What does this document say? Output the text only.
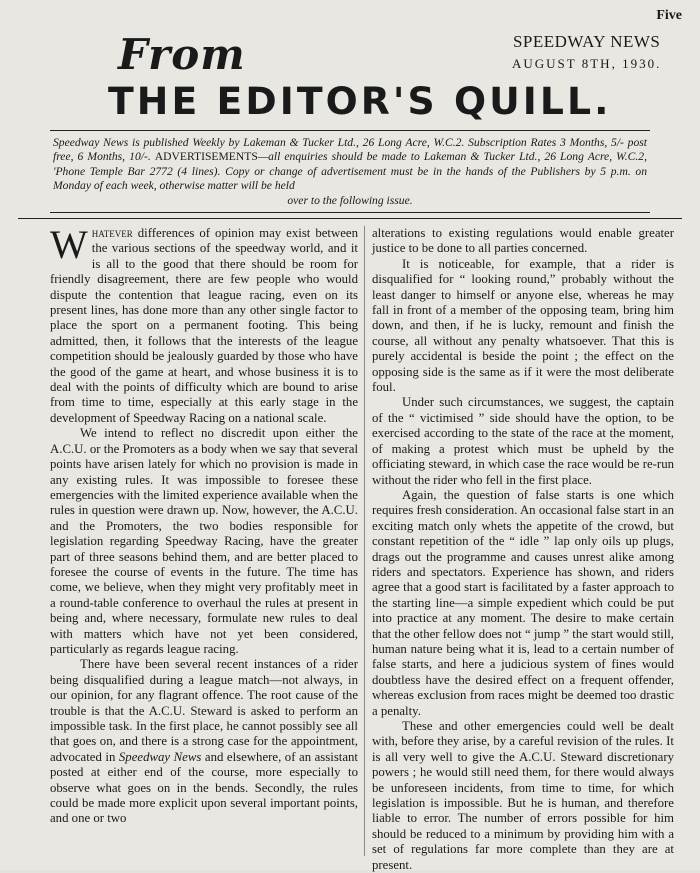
Five
From	SPEEDWAY NEWS
AUGUST 8TH, 1930.
THE EDITOR'S QUILL.
Speedway News is published Weekly by Lakeman & Tucker Ltd., 26 Long Acre, W.C.2. Subscription Rates 3 Months, 5/- post free, 6 Months, 10/-. ADVERTISEMENTS—all enquiries should be made to Lakeman & Tucker Ltd., 26 Long Acre, W.C.2, 'Phone Temple Bar 2772 (4 lines). Copy or change of advertisement must be in the hands of the Publishers by 5 p.m. on Monday of each week, otherwise matter will be held
over to the following issue.

Whatever differences of opinion may exist between the various sections of the speedway world, and it is all to the good that there should be room for friendly disagreement, there are few people who would dispute the contention that league racing, even on its present lines, has done more than any other single factor to place the sport on a permanent footing. This being admitted, then, it follows that the interests of the league competition should be jealously guarded by those who have the good of the game at heart, and whose business it is to deal with the points of difficulty which are bound to arise from time to time, especially at this early stage in the development of Speedway Racing on a national scale.

We intend to reflect no discredit upon either the A.C.U. or the Promoters as a body when we say that several points have arisen lately for which no provision is made in any existing rules. It was impossible to foresee these emergencies with the limited experience available when the rules in question were drawn up. Now, however, the A.C.U. and the Promoters, the two bodies responsible for legislation regarding Speedway Racing, have the greater part of three seasons behind them, and are better placed to foresee the course of events in the future. The time has come, we believe, when they might very profitably meet in a round-table conference to overhaul the rules at present in being and, where necessary, formulate new rules to deal with matters which have not yet been considered, particularly as regards league racing.

There have been several recent instances of a rider being disqualified during a league match—not always, in our opinion, for any flagrant offence. The root cause of the trouble is that the A.C.U. Steward is asked to perform an impossible task. In the first place, he cannot possibly see all that goes on, and there is a strong case for the appointment, advocated in Speedway News and elsewhere, of an assistant posted at either end of the course, more especially to observe what goes on in the bends. Secondly, the rules could be made more explicit upon several important points, and one or two

alterations to existing regulations would enable greater justice to be done to all parties concerned.

It is noticeable, for example, that a rider is disqualified for “ looking round,” probably without the least danger to himself or anyone else, whereas he may fall in front of a member of the opposing team, bring him down, and then, if he is lucky, remount and finish the course, all without any penalty whatsoever. That this is purely accidental is beside the point ; the effect on the opposing side is the same as if it were the most deliberate foul.

Under such circumstances, we suggest, the captain of the “ victimised ” side should have the option, to be exercised according to the state of the race at the moment, of making a protest which must be upheld by the officiating steward, in which case the race would be re-run without the rider who fell in the first place.

Again, the question of false starts is one which requires fresh consideration. An occasional false start in an exciting match only whets the appetite of the crowd, but constant repetition of the “ idle ” lap only oils up plugs, drags out the programme and causes unrest alike among riders and spectators. Experience has shown, and riders agree that a good start is facilitated by a faster approach to the starting line—a simple expedient which could be put into practice at any moment. The desire to make certain that the other fellow does not “ jump ” the start would still, human nature being what it is, lead to a certain number of false starts, and here a judicious system of fines would doubtless have the desired effect on a frequent offender, whereas exclusion from races might be deemed too drastic a penalty.

These and other emergencies could well be dealt with, before they arise, by a careful revision of the rules. It is all very well to give the A.C.U. Steward discretionary powers ; he would still need them, for there would always be unforeseen incidents, from time to time, for which legislation is impossible. But he is human, and therefore liable to error. The number of errors possible for him should be reduced to a minimum by providing him with a set of regulations far more complete than they are at present.
